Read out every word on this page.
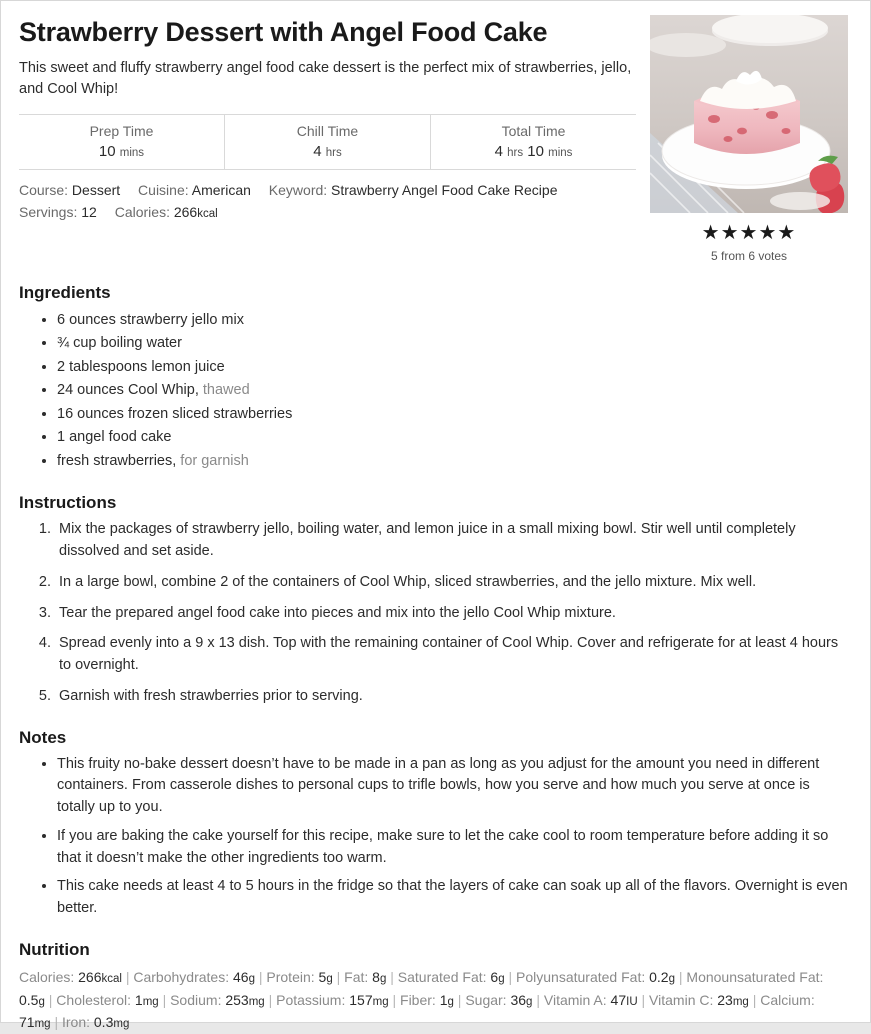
Strawberry Dessert with Angel Food Cake

This sweet and fluffy strawberry angel food cake dessert is the perfect mix of strawberries, jello, and Cool Whip!

Prep Time
10 mins
Chill Time
4 hrs
Total Time
4 hrs 10 mins
Course: Dessert Cuisine: American Keyword: Strawberry Angel Food Cake Recipe
Servings: 12 Calories: 266kcal
★★★★★
5 from 6 votes
Ingredients
• 6 ounces strawberry jello mix
• ¾ cup boiling water
• 2 tablespoons lemon juice
• 24 ounces Cool Whip, thawed
• 16 ounces frozen sliced strawberries
• 1 angel food cake
• fresh strawberries, for garnish
Instructions
1. Mix the packages of strawberry jello, boiling water, and lemon juice in a small mixing bowl. Stir well until completely dissolved and set aside.
2. In a large bowl, combine 2 of the containers of Cool Whip, sliced strawberries, and the jello mixture. Mix well.
3. Tear the prepared angel food cake into pieces and mix into the jello Cool Whip mixture.
4. Spread evenly into a 9 x 13 dish. Top with the remaining container of Cool Whip. Cover and refrigerate for at least 4 hours to overnight.
5. Garnish with fresh strawberries prior to serving.
Notes
• This fruity no-bake dessert doesn’t have to be made in a pan as long as you adjust for the amount you need in different containers. From casserole dishes to personal cups to trifle bowls, how you serve and how much you serve at once is totally up to you.
• If you are baking the cake yourself for this recipe, make sure to let the cake cool to room temperature before adding it so that it doesn’t make the other ingredients too warm.
• This cake needs at least 4 to 5 hours in the fridge so that the layers of cake can soak up all of the flavors. Overnight is even better.
Nutrition
Calories: 266kcal | Carbohydrates: 46g | Protein: 5g | Fat: 8g | Saturated Fat: 6g | Polyunsaturated Fat: 0.2g | Monounsaturated Fat: 0.5g | Cholesterol: 1mg | Sodium: 253mg | Potassium: 157mg | Fiber: 1g | Sugar: 36g | Vitamin A: 47IU | Vitamin C: 23mg | Calcium: 71mg | Iron: 0.3mg
